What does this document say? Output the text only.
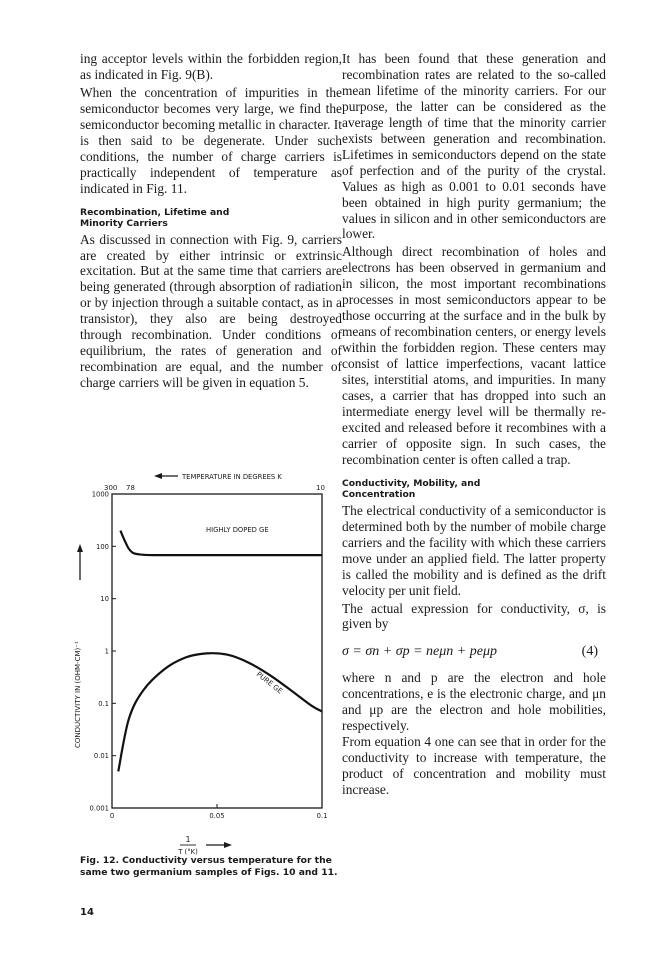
ing acceptor levels within the forbidden region, as indicated in Fig. 9(B).

When the concentration of impurities in the semiconductor becomes very large, we find the semiconductor becoming metallic in character. It is then said to be degenerate. Under such conditions, the number of charge carriers is practically independent of temperature as indicated in Fig. 11.

Recombination, Lifetime and
Minority Carriers

As discussed in connection with Fig. 9, carriers are created by either intrinsic or extrinsic excitation. But at the same time that carriers are being generated (through absorption of radiation or by injection through a suitable contact, as in a transistor), they also are being destroyed through recombination. Under conditions of equilibrium, the rates of generation and of recombination are equal, and the number of charge carriers will be given in equation 5.

TEMPERATURE IN DEGREES K
300 78	10
1000
100
10
1
0.1
0.01
0.001
0	0.05	0.1
CONDUCTIVITY IN (OHM-CM)⁻¹
HIGHLY DOPED GE
PURE GE
1
T (°K)
Fig. 12. Conductivity versus temperature for the same two germanium samples of Figs. 10 and 11.
14

It has been found that these generation and recombination rates are related to the so-called mean lifetime of the minority carriers. For our purpose, the latter can be considered as the average length of time that the minority carrier exists between generation and recombination. Lifetimes in semiconductors depend on the state of perfection and of the purity of the crystal. Values as high as 0.001 to 0.01 seconds have been obtained in high purity germanium; the values in silicon and in other semiconductors are lower.

Although direct recombination of holes and electrons has been observed in germanium and in silicon, the most important recombinations processes in most semiconductors appear to be those occurring at the surface and in the bulk by means of recombination centers, or energy levels within the forbidden region. These centers may consist of lattice imperfections, vacant lattice sites, interstitial atoms, and impurities. In many cases, a carrier that has dropped into such an intermediate energy level will be thermally re-excited and released before it recombines with a carrier of opposite sign. In such cases, the recombination center is often called a trap.

Conductivity, Mobility, and
Concentration

The electrical conductivity of a semiconductor is determined both by the number of mobile charge carriers and the facility with which these carriers move under an applied field. The latter property is called the mobility and is defined as the drift velocity per unit field.

The actual expression for conductivity, σ, is given by

σ = σn + σp = neμn + peμp	(4)

where n and p are the electron and hole concentrations, e is the electronic charge, and μn and μp are the electron and hole mobilities, respectively.

From equation 4 one can see that in order for the conductivity to increase with temperature, the product of concentration and mobility must increase.
